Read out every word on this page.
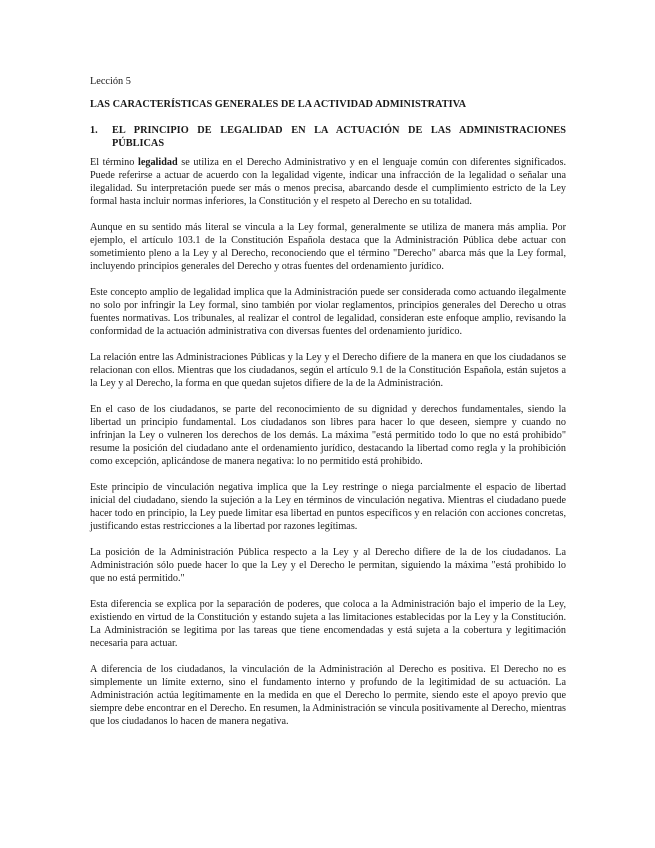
Lección 5
LAS CARACTERÍSTICAS GENERALES DE LA ACTIVIDAD ADMINISTRATIVA
1.	EL PRINCIPIO DE LEGALIDAD EN LA ACTUACIÓN DE LAS ADMINISTRACIONES PÚBLICAS

El término legalidad se utiliza en el Derecho Administrativo y en el lenguaje común con diferentes significados. Puede referirse a actuar de acuerdo con la legalidad vigente, indicar una infracción de la legalidad o señalar una ilegalidad. Su interpretación puede ser más o menos precisa, abarcando desde el cumplimiento estricto de la Ley formal hasta incluir normas inferiores, la Constitución y el respeto al Derecho en su totalidad.

Aunque en su sentido más literal se vincula a la Ley formal, generalmente se utiliza de manera más amplia. Por ejemplo, el artículo 103.1 de la Constitución Española destaca que la Administración Pública debe actuar con sometimiento pleno a la Ley y al Derecho, reconociendo que el término "Derecho" abarca más que la Ley formal, incluyendo principios generales del Derecho y otras fuentes del ordenamiento jurídico.

Este concepto amplio de legalidad implica que la Administración puede ser considerada como actuando ilegalmente no solo por infringir la Ley formal, sino también por violar reglamentos, principios generales del Derecho u otras fuentes normativas. Los tribunales, al realizar el control de legalidad, consideran este enfoque amplio, revisando la conformidad de la actuación administrativa con diversas fuentes del ordenamiento jurídico.

La relación entre las Administraciones Públicas y la Ley y el Derecho difiere de la manera en que los ciudadanos se relacionan con ellos. Mientras que los ciudadanos, según el artículo 9.1 de la Constitución Española, están sujetos a la Ley y al Derecho, la forma en que quedan sujetos difiere de la de la Administración.

En el caso de los ciudadanos, se parte del reconocimiento de su dignidad y derechos fundamentales, siendo la libertad un principio fundamental. Los ciudadanos son libres para hacer lo que deseen, siempre y cuando no infrinjan la Ley o vulneren los derechos de los demás. La máxima "está permitido todo lo que no está prohibido" resume la posición del ciudadano ante el ordenamiento jurídico, destacando la libertad como regla y la prohibición como excepción, aplicándose de manera negativa: lo no permitido está prohibido.

Este principio de vinculación negativa implica que la Ley restringe o niega parcialmente el espacio de libertad inicial del ciudadano, siendo la sujeción a la Ley en términos de vinculación negativa. Mientras el ciudadano puede hacer todo en principio, la Ley puede limitar esa libertad en puntos específicos y en relación con acciones concretas, justificando estas restricciones a la libertad por razones legítimas.

La posición de la Administración Pública respecto a la Ley y al Derecho difiere de la de los ciudadanos. La Administración sólo puede hacer lo que la Ley y el Derecho le permitan, siguiendo la máxima "está prohibido lo que no está permitido."

Esta diferencia se explica por la separación de poderes, que coloca a la Administración bajo el imperio de la Ley, existiendo en virtud de la Constitución y estando sujeta a las limitaciones establecidas por la Ley y la Constitución. La Administración se legitima por las tareas que tiene encomendadas y está sujeta a la cobertura y legitimación necesaria para actuar.

A diferencia de los ciudadanos, la vinculación de la Administración al Derecho es positiva. El Derecho no es simplemente un límite externo, sino el fundamento interno y profundo de la legitimidad de su actuación. La Administración actúa legítimamente en la medida en que el Derecho lo permite, siendo este el apoyo previo que siempre debe encontrar en el Derecho. En resumen, la Administración se vincula positivamente al Derecho, mientras que los ciudadanos lo hacen de manera negativa.
